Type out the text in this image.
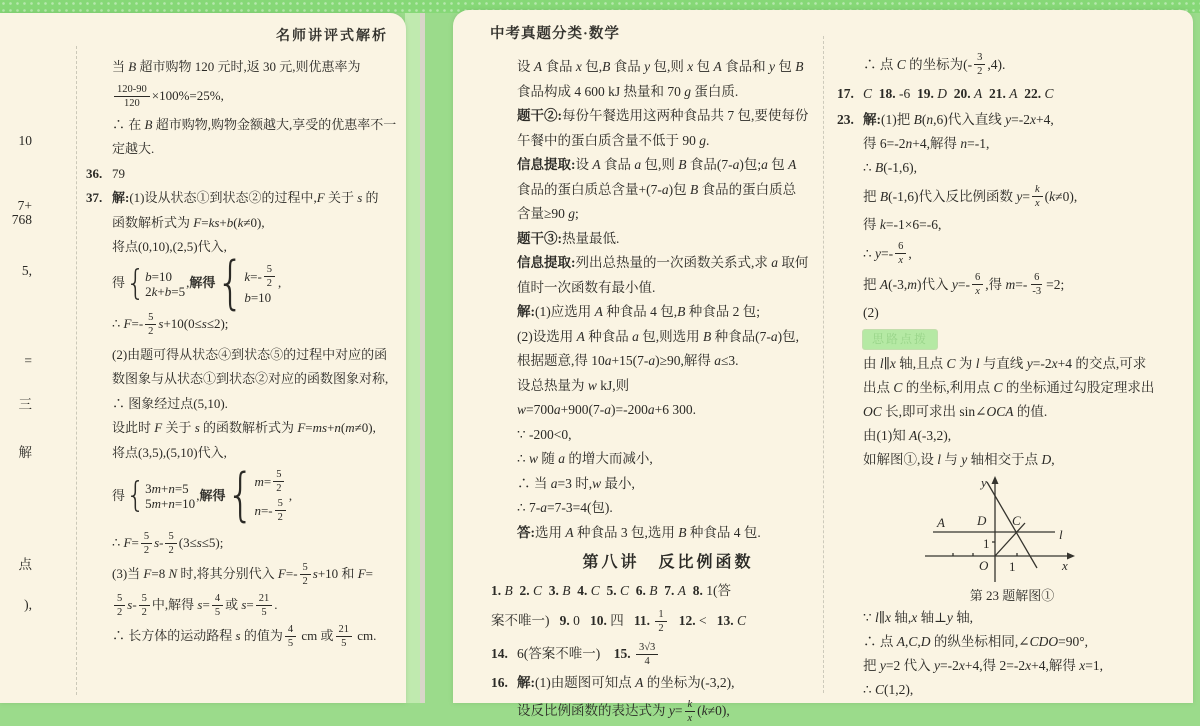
名师讲评式解析
10
7+
768
5,
=
三
解
点
),
当 B 超市购物 120 元时,返 30 元,则优惠率为
$\frac{120-90}{120} \times 100\%=25\%$,
∴ 在 B 超市购物,购物金额越大,享受的优惠率不一
定越大.
36. 79
37. 解: (1)设从状态①到状态②的过程中, F 关于 s 的
函数解析式为 F = ks + b ( k ≠0),
将点(0,10),(2,5)代入,
得 { b =10
2 k + b =5
, 解得 { $k =- \frac{5}{2}$
b =10
,
∴ $F =- \frac{5}{2}$ s +10(0≤ s ≤2);
(2)由题可得从状态④到状态⑤的过程中对应的函
数图象与从状态①到状态②对应的函数图象对称,
∴ 图象经过点(5,10).
设此时 F 关于 s 的函数解析式为 F = ms + n ( m ≠0),
将点(3,5),(5,10)代入,
得 { 3 m + n =5
5 m + n =10
, 解得 { $m = \frac{5}{2}$
$n =- \frac{5}{2}$
,
∴ $F = \frac{5}{2}$ $s - \frac{5}{2} (3\le s \le 5)$;
(3)当 F =8 N 时,将其分别代入 $F =- \frac{5}{2}$ s +10 和 F =
$\frac{5}{2}$ s - $\frac{5}{2}$ 中,解得 $s = \frac{4}{5}$ 或 $s = \frac{21}{5}$ .
∴ 长方体的运动路程 s 的值为 $\frac{4}{5}$
cm 或 $\frac{21}{5}$
cm .
中考真题分类·数学
设 A 食品 x 包, B 食品 y 包,则 x 包 A 食品和 y 包 B
食品构成 4 600 kJ 热量和 70 g 蛋白质.
题干②: 每份午餐选用这两种食品共 7 包,要使每份
午餐中的蛋白质含量不低于 90 g .
信息提取: 设 A 食品 a 包,则 B 食品(7- a )包; a 包 A
食品的蛋白质总含量+(7- a )包 B 食品的蛋白质总
含量≥90 g ;
题干③: 热量最低.
信息提取: 列出总热量的一次函数关系式,求 a 取何
值时一次函数有最小值.
解: (1)应选用 A 种食品 4 包, B 种食品 2 包;
(2)设选用 A 种食品 a 包,则选用 B 种食品(7- a )包,
根据题意,得 10 a +15(7- a )≥90,解得 a ≤3.
设总热量为 w
kJ ,则
w =700 a +900(7- a )=-200 a +6 300.
∵ -200<0,
∴ w 随 a 的增大而减小,
∴ 当 a =3 时, w 最小,
∴ 7- a =7-3=4(包).
答: 选用 A 种食品 3 包,选用 B 种食品 4 包.
第八讲　反比例函数
1.
B
2.
C
3.
B
4.
C
5.
C
6.
B
7.
A
8. 1(答
案不唯一) 9. 0 10. 四 11.
$\frac{1}{2}$
12. < 13.
C
14. 6(答案不唯一) 15.
$\frac{3√3}{4}$
16. 解: (1)由题图可知点 A 的坐标为(-3,2),
设反比例函数的表达式为 $y = \frac{k}{x}$ ( k ≠0),
∴ 点 C 的坐标为(- $\frac{3}{2} ,4$).
17. C
18. -6 19.
D
20.
A
21.
A
22.
C
23. 解: (1)把 B ( n ,6)代入直线 y =-2 x +4,
得 6=-2 n +4,解得 n =-1,
∴ B (-1,6),
把 B (-1,6)代入反比例函数 $y = \frac{k}{x}$ ( k ≠0),
得 k =-1×6=-6,
∴ $y =- \frac{6}{x}$ ,
把 A (-3, m )代入 $y =- \frac{6}{x}$ ,得 $m =- \frac{6}{-3} =2$;
(2)
思路点拨
由 l ∥ x 轴,且点 C 为 l 与直线 y =-2 x +4 的交点,可求
出点 C 的坐标,利用点 C 的坐标通过勾股定理求出
OC 长,即可求出 sin ∠ OCA 的值.
由(1)知 A (-3,2),
如解图①,设 l 与 y 轴相交于点 D ,
y
x
O 1
1
A D C
l
第 23 题解图①
∵ l ∥ x 轴, x 轴⊥ y 轴,
∴ 点 A , C , D 的纵坐标相同,∠ CDO =90°,
把 y =2 代入 y =-2 x +4,得 2=-2 x +4,解得 x =1,
∴ C (1,2),
